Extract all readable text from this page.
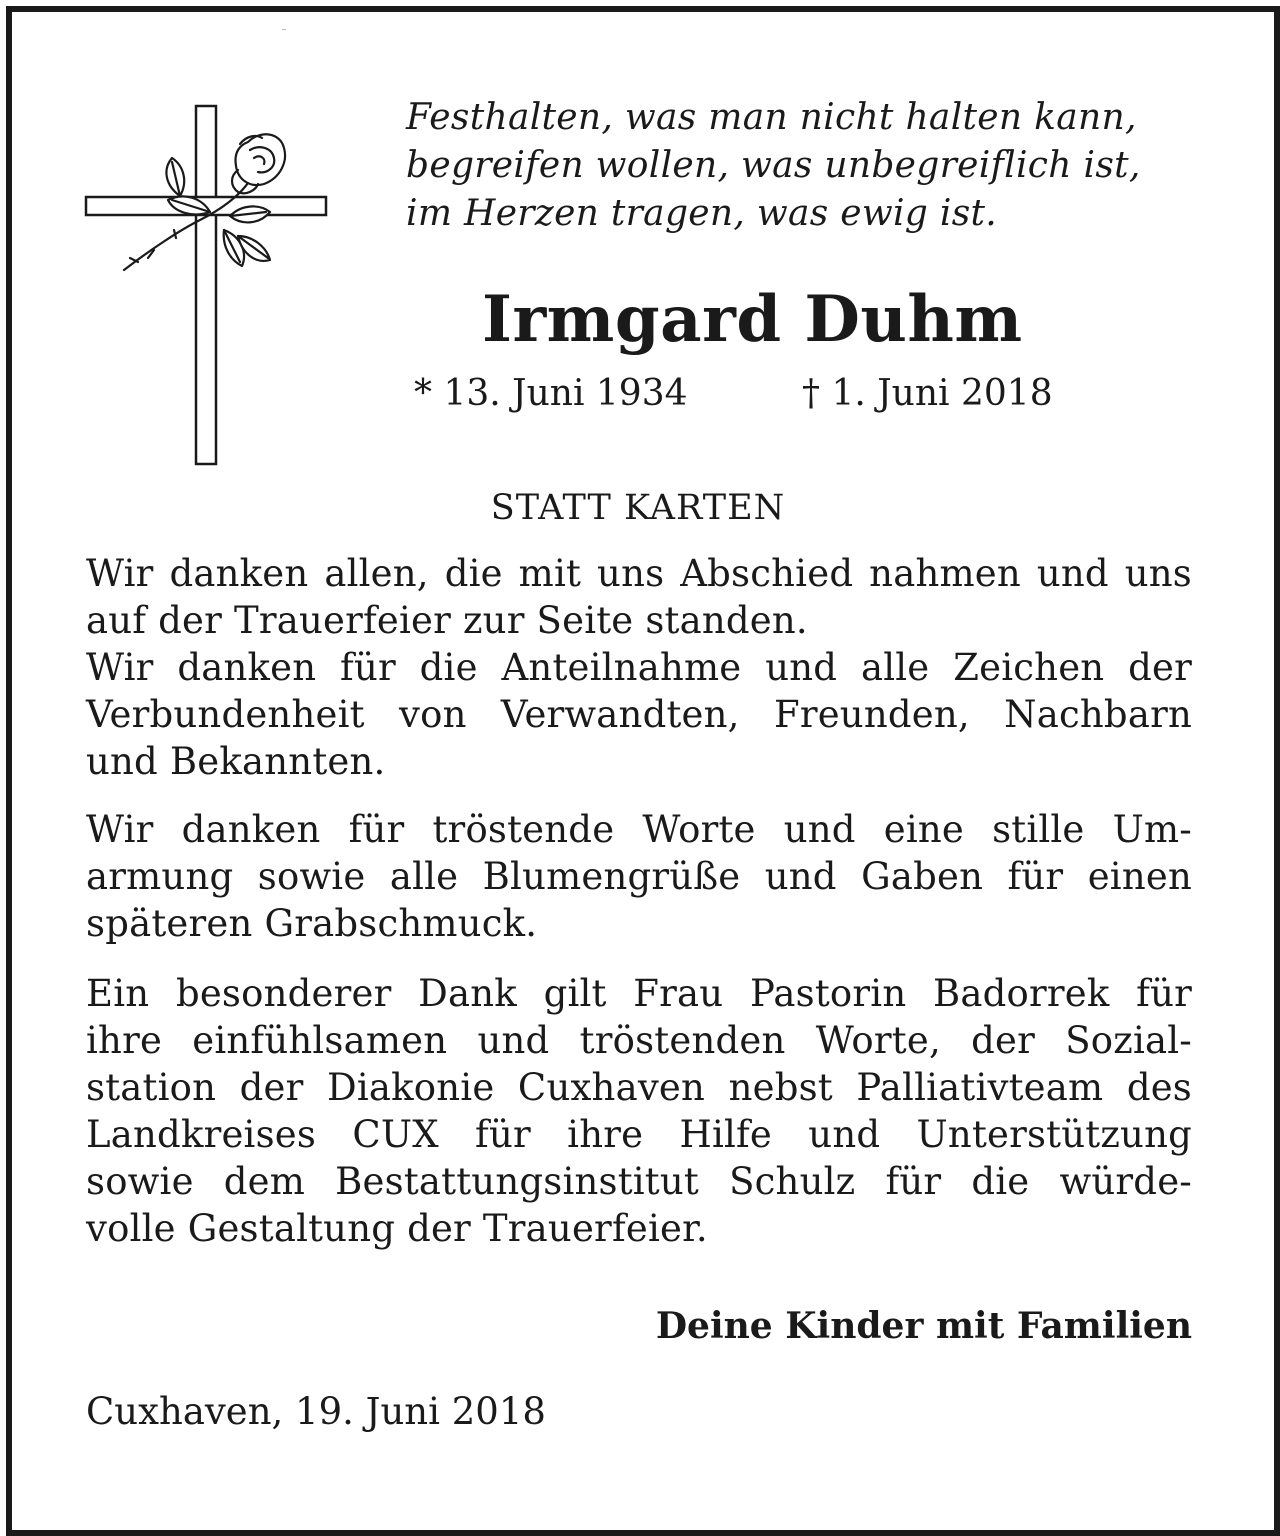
Festhalten, was man nicht halten kann,
begreifen wollen, was unbegreiflich ist,
im Herzen tragen, was ewig ist.
Irmgard Duhm
* 13. Juni 1934	† 1. Juni 2018
STATT KARTEN
Wir danken allen, die mit uns Abschied nahmen und uns
auf der Trauerfeier zur Seite standen.
Wir danken für die Anteilnahme und alle Zeichen der
Verbundenheit von Verwandten, Freunden, Nachbarn
und Bekannten.
Wir danken für tröstende Worte und eine stille Um-
armung sowie alle Blumengrüße und Gaben für einen
späteren Grabschmuck.
Ein besonderer Dank gilt Frau Pastorin Badorrek für
ihre einfühlsamen und tröstenden Worte, der Sozial-
station der Diakonie Cuxhaven nebst Palliativteam des
Landkreises CUX für ihre Hilfe und Unterstützung
sowie dem Bestattungsinstitut Schulz für die würde-
volle Gestaltung der Trauerfeier.
Deine Kinder mit Familien
Cuxhaven, 19. Juni 2018
